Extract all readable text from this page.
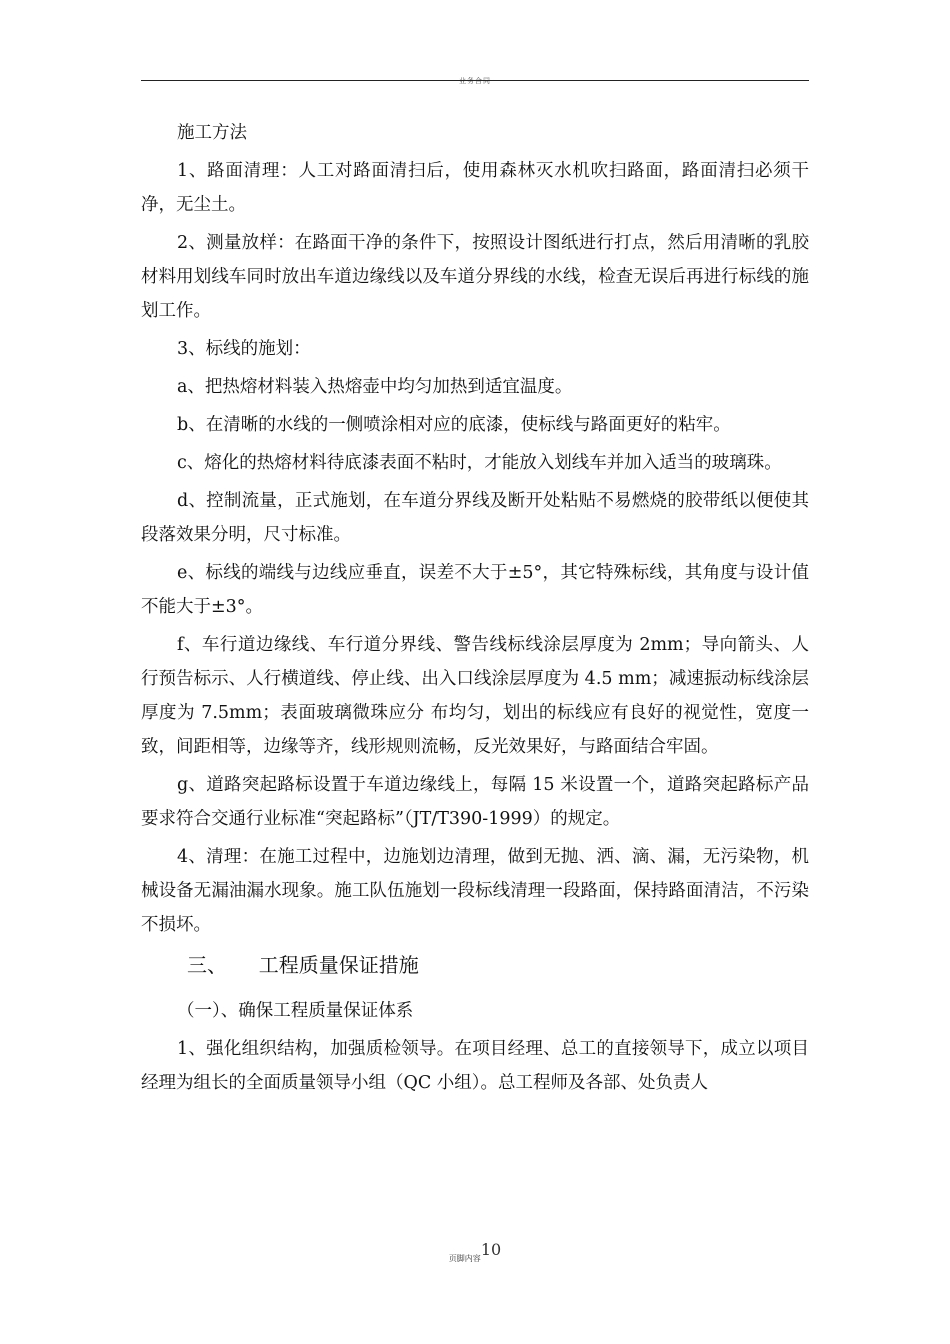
业务合同

施工方法

1、路面清理：人工对路面清扫后，使用森林灭水机吹扫路面，路面清扫必须干净，无尘土。

2、测量放样：在路面干净的条件下，按照设计图纸进行打点，然后用清晰的乳胶材料用划线车同时放出车道边缘线以及车道分界线的水线，检查无误后再进行标线的施划工作。

3、标线的施划：

a、把热熔材料装入热熔壶中均匀加热到适宜温度。

b、在清晰的水线的一侧喷涂相对应的底漆，使标线与路面更好的粘牢。

c、熔化的热熔材料待底漆表面不粘时，才能放入划线车并加入适当的玻璃珠。

d、控制流量，正式施划，在车道分界线及断开处粘贴不易燃烧的胶带纸以便使其段落效果分明，尺寸标准。

e、标线的端线与边线应垂直，误差不大于±5°，其它特殊标线，其角度与设计值不能大于±3°。

f、车行道边缘线、车行道分界线、警告线标线涂层厚度为 2mm；导向箭头、人行预告标示、人行横道线、停止线、出入口线涂层厚度为 4.5 mm；减速振动标线涂层厚度为 7.5mm；表面玻璃微珠应分 布均匀，划出的标线应有良好的视觉性，宽度一致，间距相等，边缘等齐，线形规则流畅，反光效果好，与路面结合牢固。

g、道路突起路标设置于车道边缘线上，每隔 15 米设置一个，道路突起路标产品要求符合交通行业标准“突起路标”（JT/T390-1999）的规定。

4、清理：在施工过程中，边施划边清理，做到无抛、洒、滴、漏，无污染物，机械设备无漏油漏水现象。施工队伍施划一段标线清理一段路面，保持路面清洁，不污染不损坏。

三、     工程质量保证措施

（一）、确保工程质量保证体系

1、强化组织结构，加强质检领导。在项目经理、总工的直接领导下，成立以项目经理为组长的全面质量领导小组（QC 小组）。总工程师及各部、处负责人

页脚内容10
